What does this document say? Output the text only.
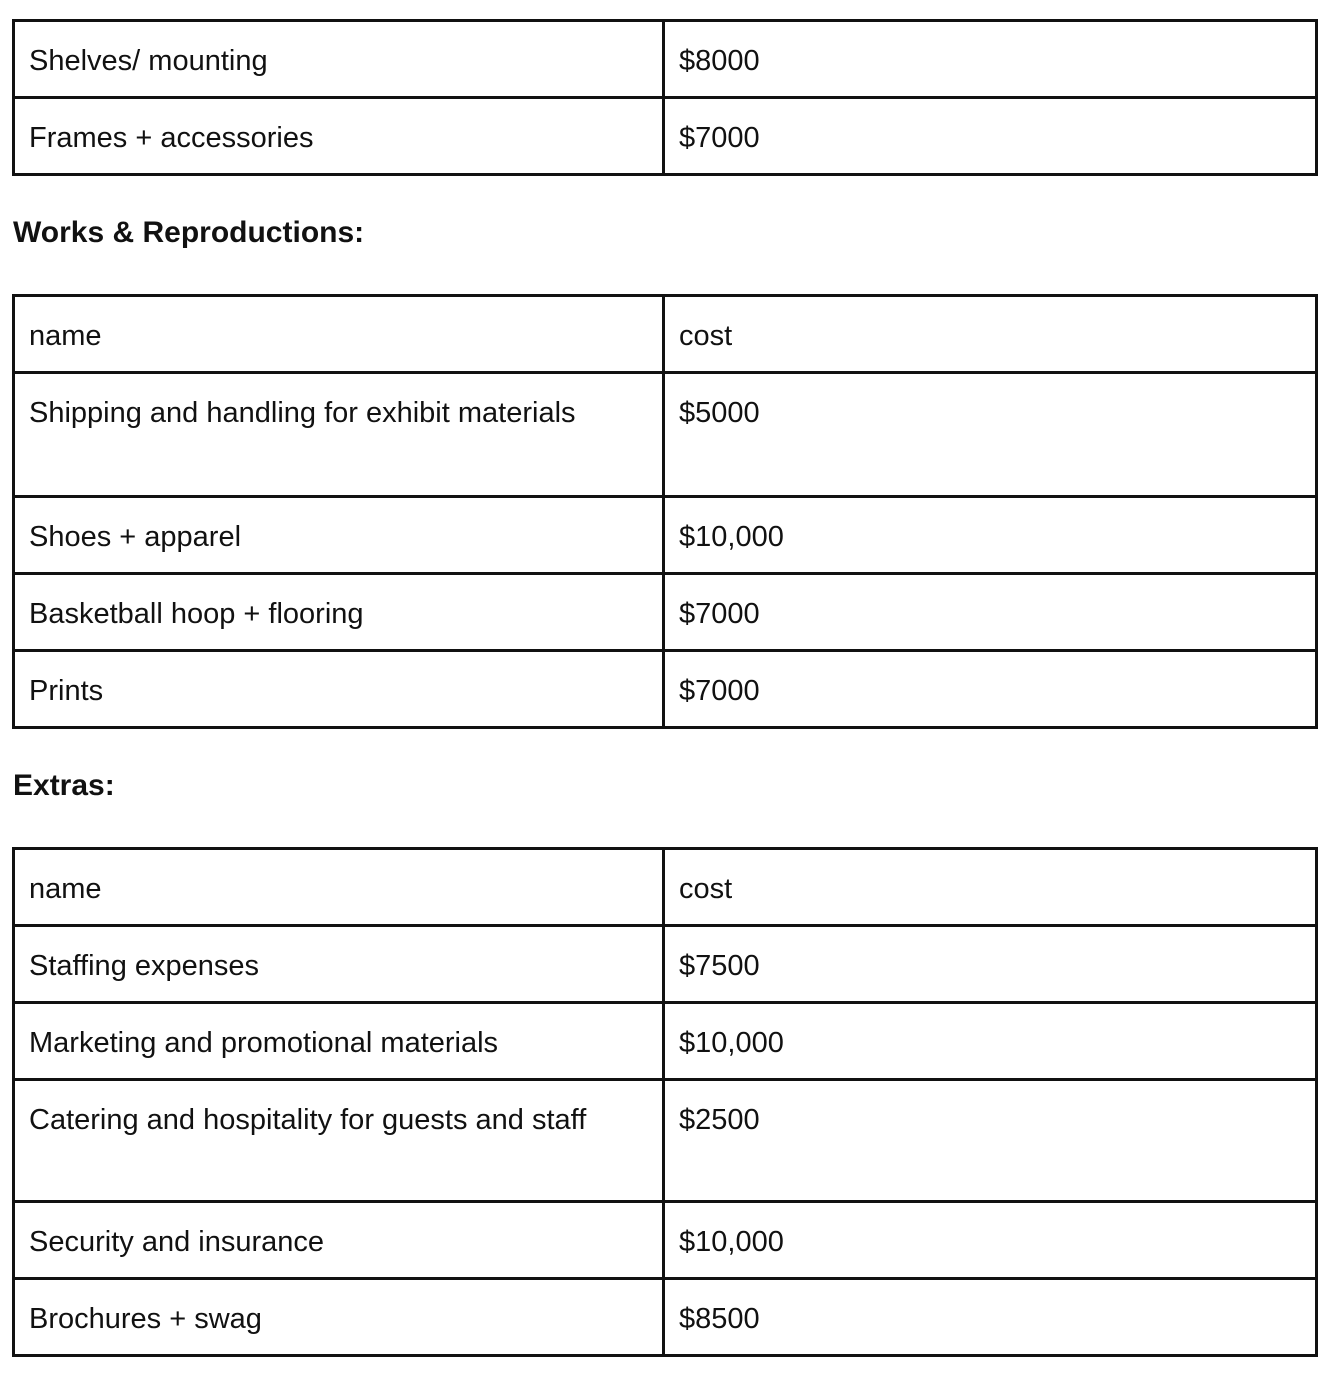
Shelves/ mounting	$8000
Frames + accessories	$7000
Works & Reproductions:
name	cost
Shipping and handling for exhibit materials	$5000
Shoes + apparel	$10,000
Basketball hoop + flooring	$7000
Prints	$7000
Extras:
name	cost
Staffing expenses	$7500
Marketing and promotional materials	$10,000
Catering and hospitality for guests and staff	$2500
Security and insurance	$10,000
Brochures + swag	$8500
